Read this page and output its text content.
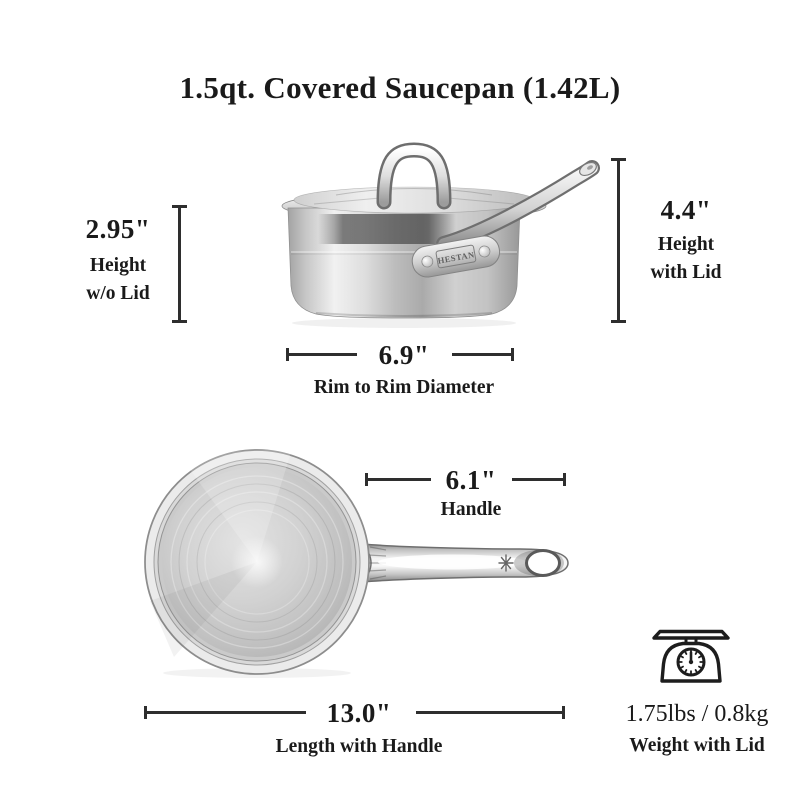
1.5qt. Covered Saucepan (1.42L)
2.95"
Height
w/o Lid
4.4"
Height
with Lid
HESTAN
6.9"
Rim to Rim Diameter
6.1"
Handle
13.0"
Length with Handle
1.75lbs / 0.8kg
Weight with Lid
